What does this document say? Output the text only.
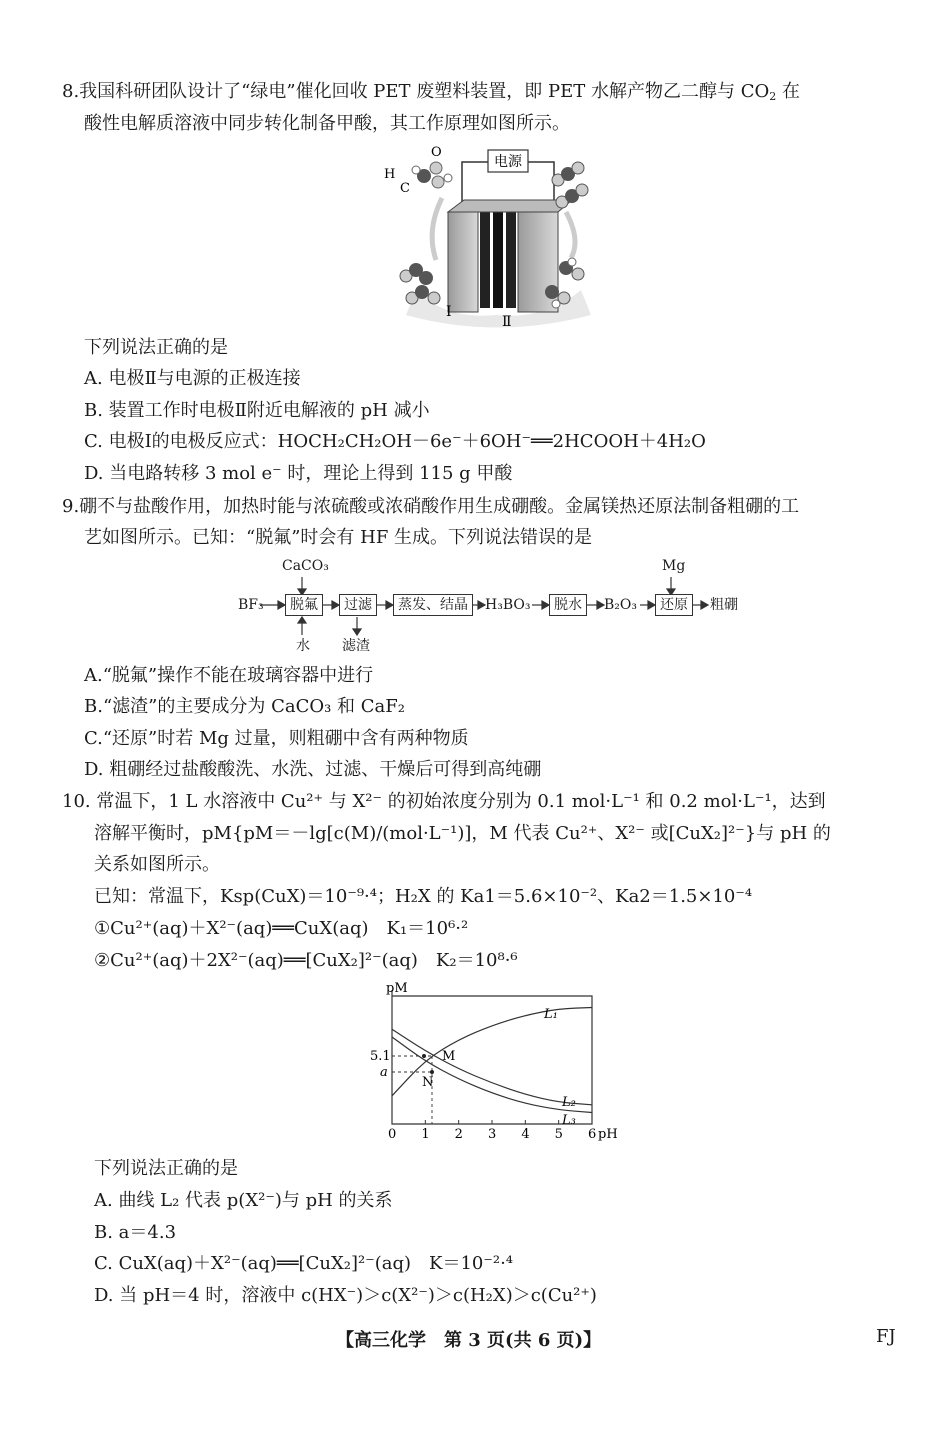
8.我国科研团队设计了“绿电”催化回收 PET 废塑料装置，即 PET 水解产物乙二醇与 $CO_2$ 在
酸性电解质溶液中同步转化制备甲酸，其工作原理如图所示。
电源
Ⅰ
Ⅱ
H
C
O
下列说法正确的是
A. 电极Ⅱ与电源的正极连接
B. 装置工作时电极Ⅱ附近电解液的 pH 减小
C. 电极Ⅰ的电极反应式：HOCH₂CH₂OH－6e⁻＋6OH⁻══2HCOOH＋4H₂O
D. 当电路转移 3 mol e⁻ 时，理论上得到 115 g 甲酸
9.硼不与盐酸作用，加热时能与浓硫酸或浓硝酸作用生成硼酸。金属镁热还原法制备粗硼的工
艺如图所示。已知：“脱氟”时会有 HF 生成。下列说法错误的是
CaCO₃	Mg
BF₃	脱氟	过滤	蒸发、结晶	H₃BO₃	脱水	B₂O₃	还原	粗硼
水 滤渣
A.“脱氟”操作不能在玻璃容器中进行
B.“滤渣”的主要成分为 CaCO₃ 和 CaF₂
C.“还原”时若 Mg 过量，则粗硼中含有两种物质
D. 粗硼经过盐酸酸洗、水洗、过滤、干燥后可得到高纯硼
10. 常温下，1 L 水溶液中 Cu²⁺ 与 X²⁻ 的初始浓度分别为 0.1 mol·L⁻¹ 和 0.2 mol·L⁻¹，达到
溶解平衡时，pM{pM＝－lg[c(M)/(mol·L⁻¹)]，M 代表 Cu²⁺、X²⁻ 或[CuX₂]²⁻}与 pH 的
关系如图所示。
已知：常温下，Ksp(CuX)＝10⁻⁹·⁴；H₂X 的 Ka1＝5.6×10⁻²、Ka2＝1.5×10⁻⁴
①Cu²⁺(aq)＋X²⁻(aq)══CuX(aq)　K₁＝10⁶·²
②Cu²⁺(aq)＋2X²⁻(aq)══[CuX₂]²⁻(aq)　K₂＝10⁸·⁶
pM
pH
0 1 2 3 4 5 6
5.1
a
M
N
L₁
L₂
L₃
下列说法正确的是
A. 曲线 L₂ 代表 p(X²⁻)与 pH 的关系
B. a＝4.3
C. CuX(aq)＋X²⁻(aq)══[CuX₂]²⁻(aq)　K＝10⁻²·⁴
D. 当 pH＝4 时，溶液中 c(HX⁻)＞c(X²⁻)＞c(H₂X)＞c(Cu²⁺)
【高三化学　第 3 页(共 6 页)】	FJ
